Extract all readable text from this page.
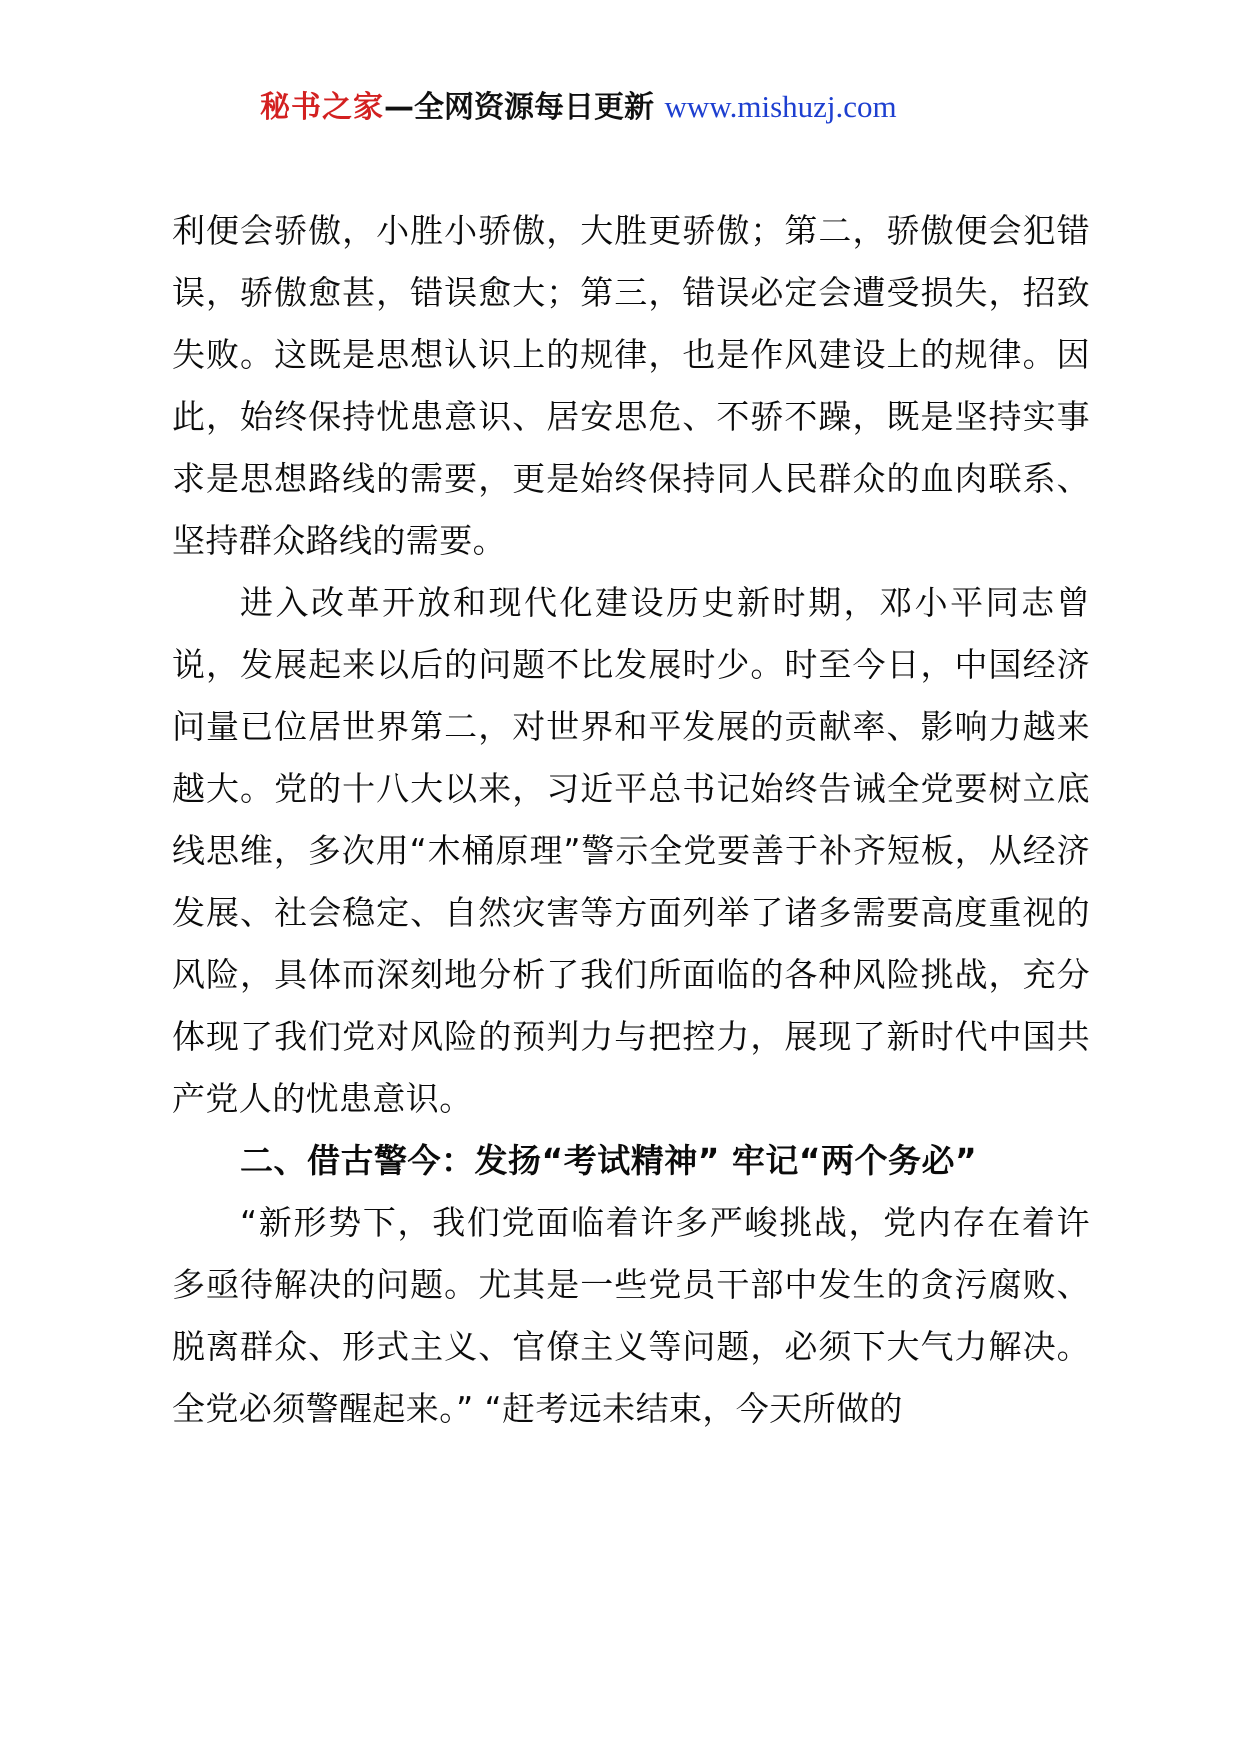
秘书之家—全网资源每日更新 www.mishuzj.com

利便会骄傲，小胜小骄傲，大胜更骄傲；第二，骄傲便会犯错误，骄傲愈甚，错误愈大；第三，错误必定会遭受损失，招致失败。这既是思想认识上的规律，也是作风建设上的规律。因此，始终保持忧患意识、居安思危、不骄不躁，既是坚持实事求是思想路线的需要，更是始终保持同人民群众的血肉联系、坚持群众路线的需要。

进入改革开放和现代化建设历史新时期，邓小平同志曾说，发展起来以后的问题不比发展时少。时至今日，中国经济问量已位居世界第二，对世界和平发展的贡献率、影响力越来越大。党的十八大以来，习近平总书记始终告诫全党要树立底线思维，多次用“木桶原理”警示全党要善于补齐短板，从经济发展、社会稳定、自然灾害等方面列举了诸多需要高度重视的风险，具体而深刻地分析了我们所面临的各种风险挑战，充分体现了我们党对风险的预判力与把控力，展现了新时代中国共产党人的忧患意识。

二、借古警今：发扬“考试精神” 牢记“两个务必”

“新形势下，我们党面临着许多严峻挑战，党内存在着许多亟待解决的问题。尤其是一些党员干部中发生的贪污腐败、脱离群众、形式主义、官僚主义等问题，必须下大气力解决。全党必须警醒起来。” “赶考远未结束，今天所做的
